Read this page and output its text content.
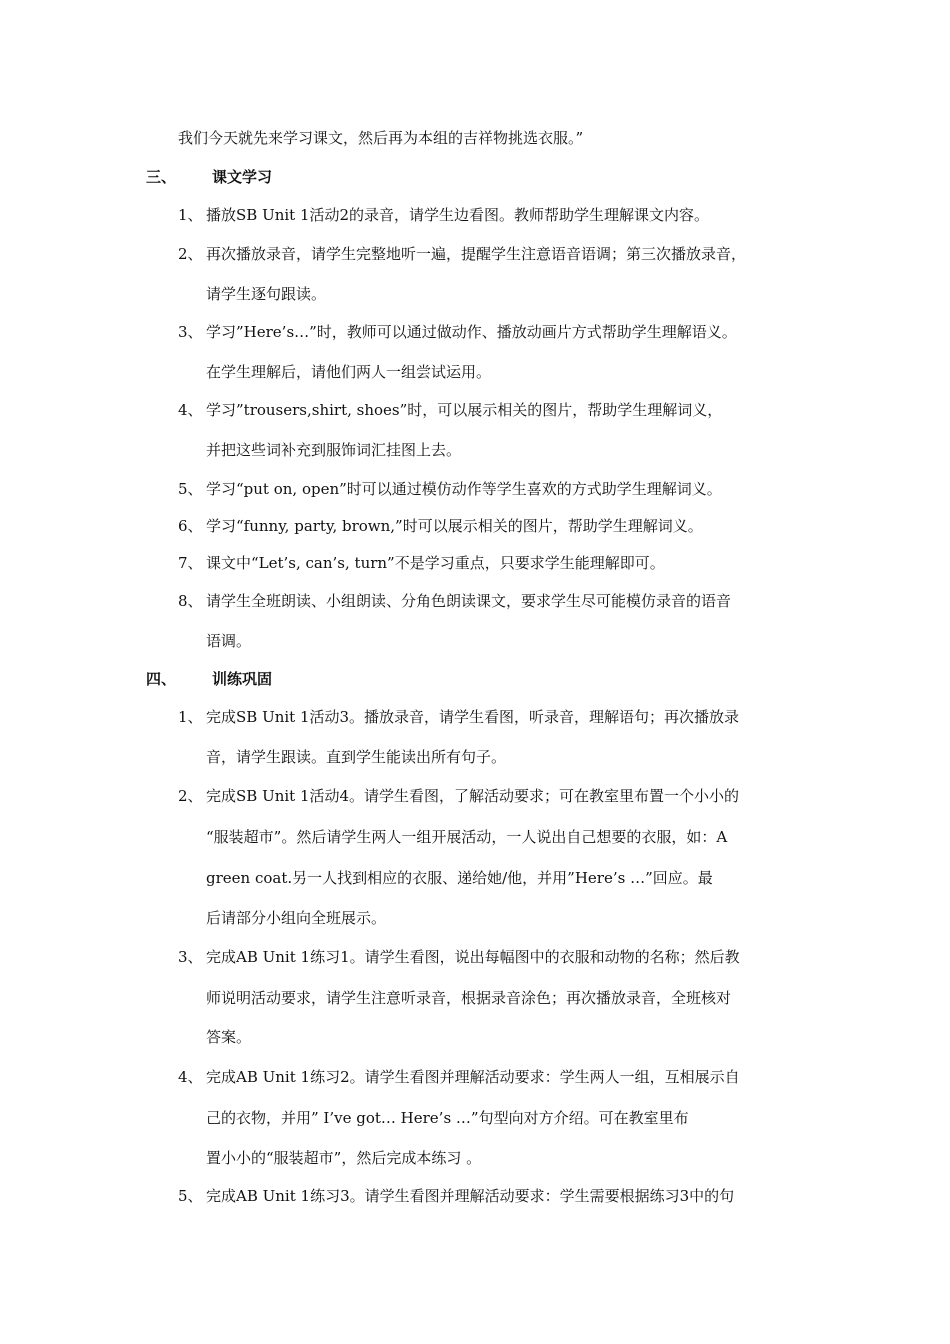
我们今天就先来学习课文，然后再为本组的吉祥物挑选衣服。”
三、 课文学习
1、 播放SB Unit 1活动2的录音，请学生边看图。教师帮助学生理解课文内容。
2、 再次播放录音，请学生完整地听一遍，提醒学生注意语音语调；第三次播放录音，
请学生逐句跟读。
3、 学习”Here’s…”时，教师可以通过做动作、播放动画片方式帮助学生理解语义。
在学生理解后，请他们两人一组尝试运用。
4、 学习”trousers,shirt, shoes”时，可以展示相关的图片，帮助学生理解词义，
并把这些词补充到服饰词汇挂图上去。
5、 学习“put on, open”时可以通过模仿动作等学生喜欢的方式助学生理解词义。
6、 学习“funny, party, brown,”时可以展示相关的图片，帮助学生理解词义。
7、 课文中“Let’s, can’s, turn”不是学习重点，只要求学生能理解即可。
8、 请学生全班朗读、小组朗读、分角色朗读课文，要求学生尽可能模仿录音的语音
语调。
四、 训练巩固
1、 完成SB Unit 1活动3。播放录音，请学生看图，听录音，理解语句；再次播放录
音，请学生跟读。直到学生能读出所有句子。
2、 完成SB Unit 1活动4。请学生看图，了解活动要求；可在教室里布置一个小小的
“服装超市”。然后请学生两人一组开展活动，一人说出自己想要的衣服，如：A
green coat.另一人找到相应的衣服、递给她/他，并用”Here’s …”回应。最
后请部分小组向全班展示。
3、 完成AB Unit 1练习1。请学生看图，说出每幅图中的衣服和动物的名称；然后教
师说明活动要求，请学生注意听录音，根据录音涂色；再次播放录音，全班核对
答案。
4、 完成AB Unit 1练习2。请学生看图并理解活动要求：学生两人一组，互相展示自
己的衣物，并用” I’ve got… Here’s …”句型向对方介绍。可在教室里布
置小小的“服装超市”，然后完成本练习 。
5、 完成AB Unit 1练习3。请学生看图并理解活动要求：学生需要根据练习3中的句
